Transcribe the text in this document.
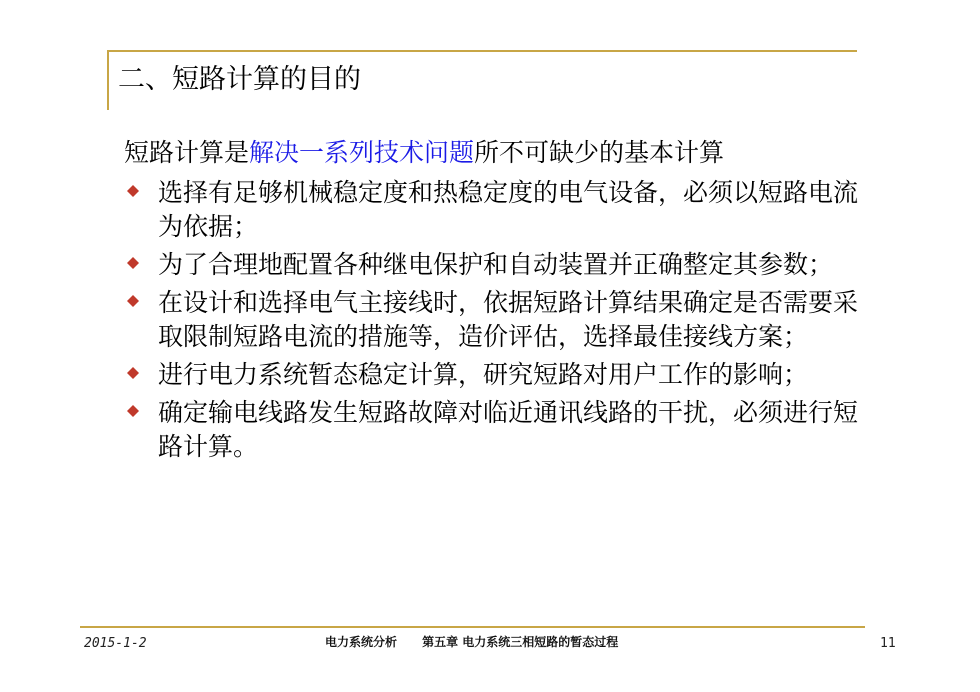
二、短路计算的目的
短路计算是解决一系列技术问题所不可缺少的基本计算
选择有足够机械稳定度和热稳定度的电气设备，必须以短路电流为依据；
为了合理地配置各种继电保护和自动装置并正确整定其参数；
在设计和选择电气主接线时，依据短路计算结果确定是否需要采取限制短路电流的措施等，造价评估，选择最佳接线方案；
进行电力系统暂态稳定计算，研究短路对用户工作的影响；
确定输电线路发生短路故障对临近通讯线路的干扰，必须进行短路计算。
2015-1-2	电力系统分析 第五章 电力系统三相短路的暂态过程	11
